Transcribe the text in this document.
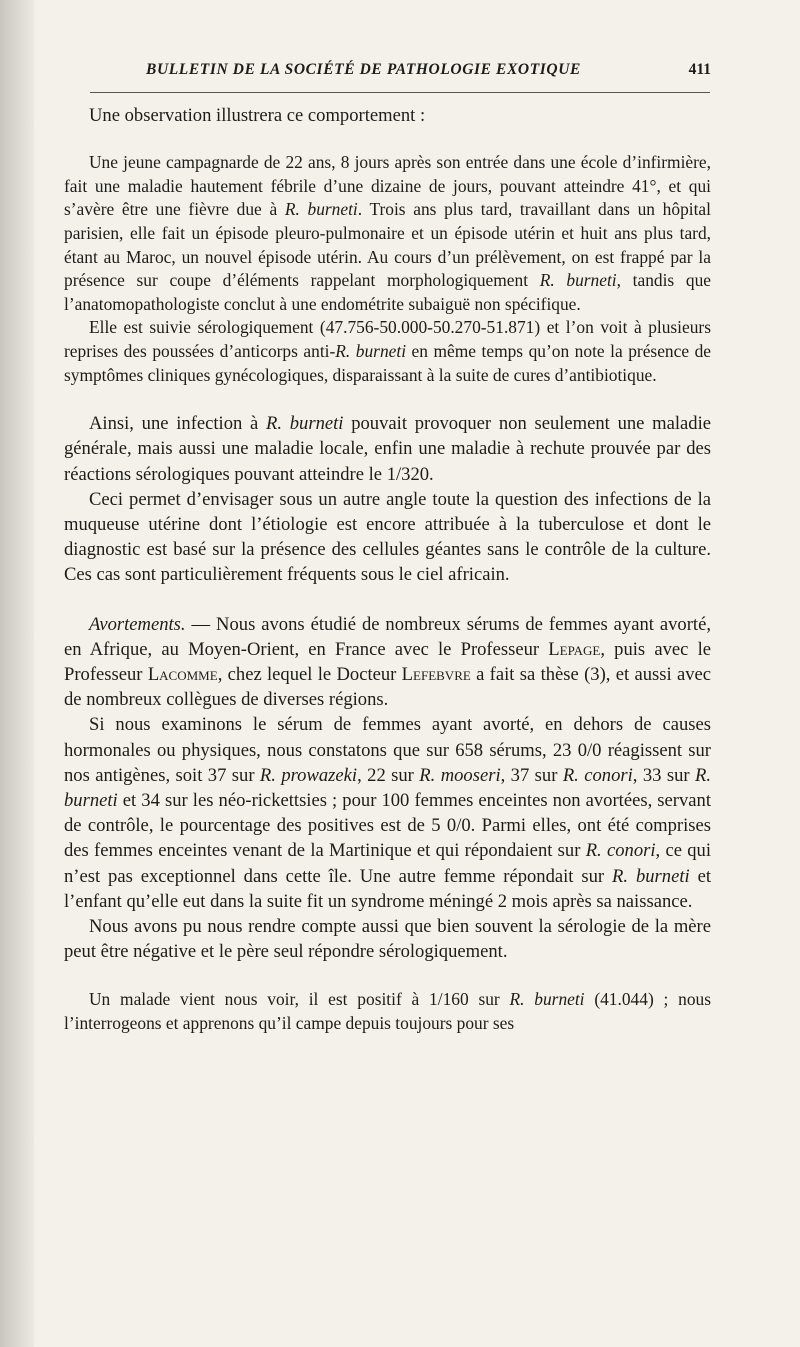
BULLETIN DE LA SOCIÉTÉ DE PATHOLOGIE EXOTIQUE	411

Une observation illustrera ce comportement :

Une jeune campagnarde de 22 ans, 8 jours après son entrée dans une école d’infirmière, fait une maladie hautement fébrile d’une dizaine de jours, pouvant atteindre 41°, et qui s’avère être une fièvre due à R. burneti. Trois ans plus tard, travaillant dans un hôpital parisien, elle fait un épisode pleuro-pulmonaire et un épisode utérin et huit ans plus tard, étant au Maroc, un nouvel épisode utérin. Au cours d’un prélèvement, on est frappé par la présence sur coupe d’éléments rappelant morphologiquement R. burneti, tandis que l’anatomopathologiste conclut à une endométrite subaiguë non spécifique.

Elle est suivie sérologiquement (47.756-50.000-50.270-51.871) et l’on voit à plusieurs reprises des poussées d’anticorps anti-R. burneti en même temps qu’on note la présence de symptômes cliniques gynécologiques, disparaissant à la suite de cures d’antibiotique.

Ainsi, une infection à R. burneti pouvait provoquer non seulement une maladie générale, mais aussi une maladie locale, enfin une maladie à rechute prouvée par des réactions sérologiques pouvant atteindre le 1/320.

Ceci permet d’envisager sous un autre angle toute la question des infections de la muqueuse utérine dont l’étiologie est encore attribuée à la tuberculose et dont le diagnostic est basé sur la présence des cellules géantes sans le contrôle de la culture. Ces cas sont particulièrement fréquents sous le ciel africain.

Avortements. — Nous avons étudié de nombreux sérums de femmes ayant avorté, en Afrique, au Moyen-Orient, en France avec le Professeur Lepage, puis avec le Professeur Lacomme, chez lequel le Docteur Lefebvre a fait sa thèse (3), et aussi avec de nombreux collègues de diverses régions.

Si nous examinons le sérum de femmes ayant avorté, en dehors de causes hormonales ou physiques, nous constatons que sur 658 sérums, 23 0/0 réagissent sur nos antigènes, soit 37 sur R. prowazeki, 22 sur R. mooseri, 37 sur R. conori, 33 sur R. burneti et 34 sur les néo-rickettsies ; pour 100 femmes enceintes non avortées, servant de contrôle, le pourcentage des positives est de 5 0/0. Parmi elles, ont été comprises des femmes enceintes venant de la Martinique et qui répondaient sur R. conori, ce qui n’est pas exceptionnel dans cette île. Une autre femme répondait sur R. burneti et l’enfant qu’elle eut dans la suite fit un syndrome méningé 2 mois après sa naissance.

Nous avons pu nous rendre compte aussi que bien souvent la sérologie de la mère peut être négative et le père seul répondre sérologiquement.

Un malade vient nous voir, il est positif à 1/160 sur R. burneti (41.044) ; nous l’interrogeons et apprenons qu’il campe depuis toujours pour ses
